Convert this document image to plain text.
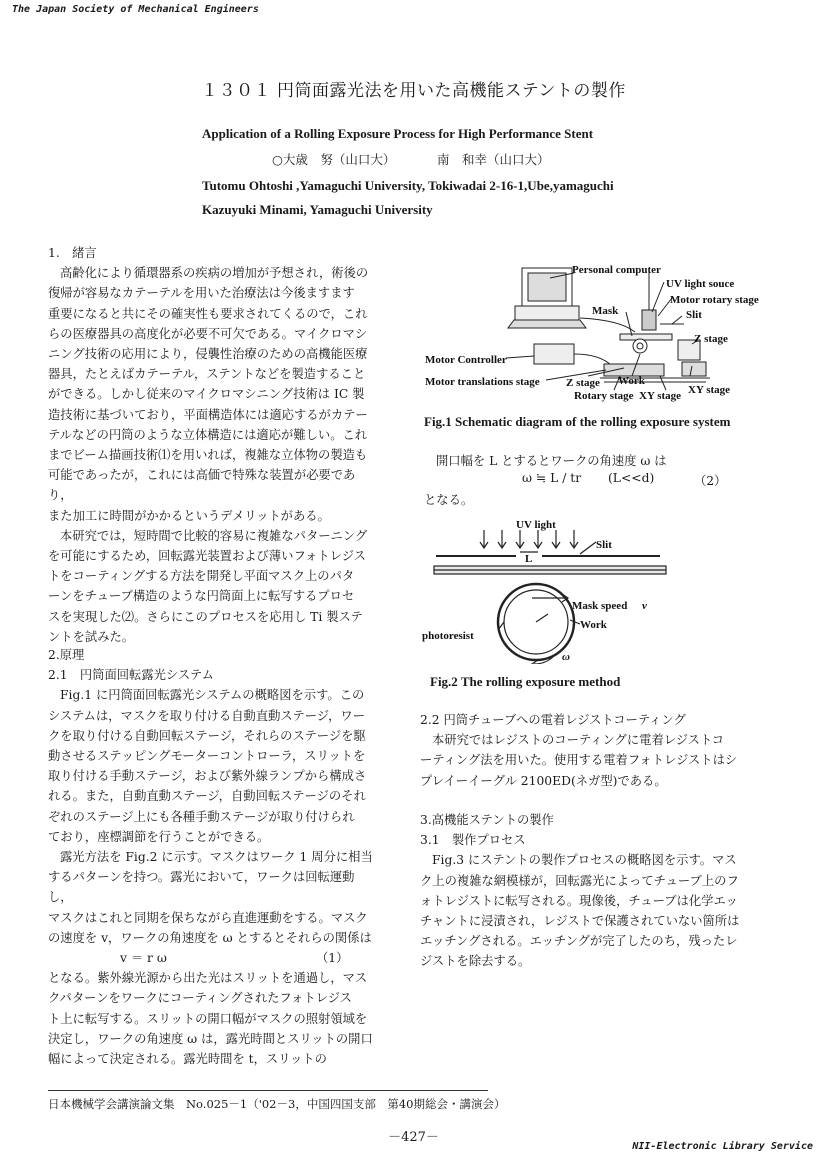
The Japan Society of Mechanical Engineers
NII-Electronic Library Service
１３０１ 円筒面露光法を用いた高機能ステントの製作
Application of a Rolling Exposure Process for High Performance Stent
○大歳　努（山口大）	南　和幸（山口大）
Tutomu Ohtoshi ,Yamaguchi University, Tokiwadai 2-16-1,Ube,yamaguchi
Kazuyuki Minami, Yamaguchi University

1.　緒言

高齢化により循環器系の疾病の増加が予想され，術後の

復帰が容易なカテーテルを用いた治療法は今後ますます

重要になると共にその確実性も要求されてくるので，これ

らの医療器具の高度化が必要不可欠である。マイクロマシ

ニング技術の応用により，侵襲性治療のための高機能医療

器具，たとえばカテーテル，ステントなどを製造すること

ができる。しかし従来のマイクロマシニング技術は IC 製

造技術に基づいており，平面構造体には適応するがカテー

テルなどの円筒のような立体構造には適応が難しい。これ

までビーム描画技術⑴を用いれば，複雑な立体物の製造も

可能であったが，これには高価で特殊な装置が必要であり，

また加工に時間がかかるというデメリットがある。

本研究では，短時間で比較的容易に複雑なパターニング

を可能にするため，回転露光装置および薄いフォトレジス

トをコーティングする方法を開発し平面マスク上のパタ

ーンをチューブ構造のような円筒面上に転写するプロセ

スを実現した⑵。さらにこのプロセスを応用し Ti 製ステ

ントを試みた。

2.原理

2.1　円筒面回転露光システム

Fig.1 に円筒面回転露光システムの概略図を示す。この

システムは，マスクを取り付ける自動直動ステージ，ワー

クを取り付ける自動回転ステージ，それらのステージを駆

動させるステッピングモーターコントローラ，スリットを

取り付ける手動ステージ，および紫外線ランプから構成さ

れる。また，自動直動ステージ，自動回転ステージのそれ

ぞれのステージ上にも各種手動ステージが取り付けられ

ており，座標調節を行うことができる。

露光方法を Fig.2 に示す。マスクはワーク 1 周分に相当

するパターンを持つ。露光において，ワークは回転運動し，

マスクはこれと同期を保ちながら直進運動をする。マスク

の速度を v，ワークの角速度を ω とするとそれらの関係は

v ＝ r ω	（1）

となる。紫外線光源から出た光はスリットを通過し，マス

クパターンをワークにコーティングされたフォトレジス

ト上に転写する。スリットの開口幅がマスクの照射領域を

決定し，ワークの角速度 ω は，露光時間とスリットの開口

幅によって決定される。露光時間を t，スリットの

Personal computer
UV light souce
Motor rotary stage
Mask	Slit
Z stage
Motor Controller
Motor translations stage Z stage Work
XY stage
Rotary stage XY stage
Fig.1 Schematic diagram of the rolling exposure system
開口幅を L とするとワークの角速度 ω は
ω ≒ L / tr (L<<d)	（2）
となる。
UV light
Slit
L
Mask speed v
Work
photoresist
ω
Fig.2 The rolling exposure method

2.2 円筒チューブへの電着レジストコーティング

本研究ではレジストのコーティングに電着レジストコ

ーティング法を用いた。使用する電着フォトレジストはシ

プレイーイーグル 2100ED(ネガ型)である。

3.高機能ステントの製作

3.1　製作プロセス

Fig.3 にステントの製作プロセスの概略図を示す。マス

ク上の複雑な網模様が，回転露光によってチューブ上のフ

ォトレジストに転写される。現像後，チューブは化学エッ

チャントに浸漬され，レジストで保護されていない箇所は

エッチングされる。エッチングが完了したのち，残ったレ

ジストを除去する。

日本機械学会講演論文集　No.025－1（'02－3，中国四国支部　第40期総会・講演会）
－427－
